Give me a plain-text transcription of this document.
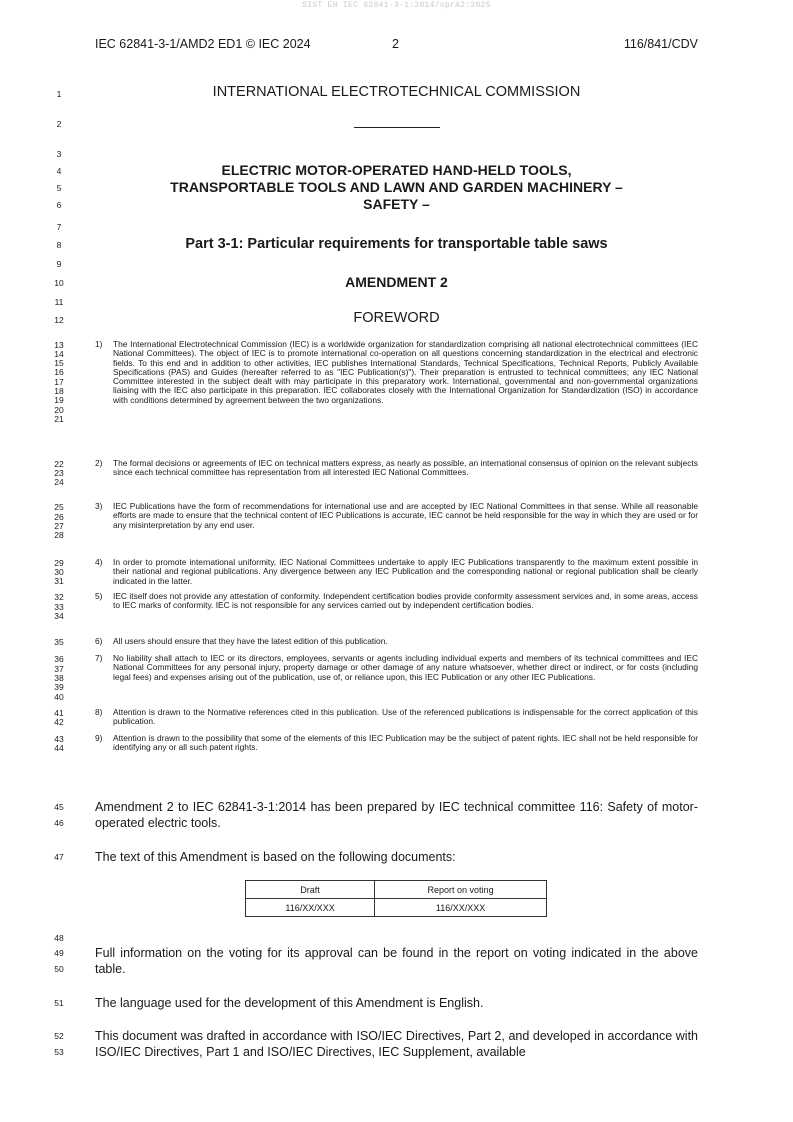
SIST EN IEC 62841-3-1:2014/oprA2:2025
IEC 62841-3-1/AMD2 ED1 © IEC 2024	2	116/841/CDV
1
2
3
4
5
6
7
8
9
10
11
12
13
14
15
16
17
18
19
20
21
22
23
24
25
26
27
28
29
30
31
32
33
34
35
36
37
38
39
40
41
42
43
44
45
46
47
48
49
50
51
52
53
INTERNATIONAL ELECTROTECHNICAL COMMISSION
ELECTRIC MOTOR-OPERATED HAND-HELD TOOLS,
TRANSPORTABLE TOOLS AND LAWN AND GARDEN MACHINERY –
SAFETY –
Part 3-1: Particular requirements for transportable table saws
AMENDMENT 2
FOREWORD
1)	The International Electrotechnical Commission (IEC) is a worldwide organization for standardization comprising all national electrotechnical committees (IEC National Committees). The object of IEC is to promote international co-operation on all questions concerning standardization in the electrical and electronic fields. To this end and in addition to other activities, IEC publishes International Standards, Technical Specifications, Technical Reports, Publicly Available Specifications (PAS) and Guides (hereafter referred to as "IEC Publication(s)"). Their preparation is entrusted to technical committees; any IEC National Committee interested in the subject dealt with may participate in this preparatory work. International, governmental and non-governmental organizations liaising with the IEC also participate in this preparation. IEC collaborates closely with the International Organization for Standardization (ISO) in accordance with conditions determined by agreement between the two organizations.
2)	The formal decisions or agreements of IEC on technical matters express, as nearly as possible, an international consensus of opinion on the relevant subjects since each technical committee has representation from all interested IEC National Committees.
3)	IEC Publications have the form of recommendations for international use and are accepted by IEC National Committees in that sense. While all reasonable efforts are made to ensure that the technical content of IEC Publications is accurate, IEC cannot be held responsible for the way in which they are used or for any misinterpretation by any end user.
4)	In order to promote international uniformity, IEC National Committees undertake to apply IEC Publications transparently to the maximum extent possible in their national and regional publications. Any divergence between any IEC Publication and the corresponding national or regional publication shall be clearly indicated in the latter.
5)	IEC itself does not provide any attestation of conformity. Independent certification bodies provide conformity assessment services and, in some areas, access to IEC marks of conformity. IEC is not responsible for any services carried out by independent certification bodies.
6)	All users should ensure that they have the latest edition of this publication.
7)	No liability shall attach to IEC or its directors, employees, servants or agents including individual experts and members of its technical committees and IEC National Committees for any personal injury, property damage or other damage of any nature whatsoever, whether direct or indirect, or for costs (including legal fees) and expenses arising out of the publication, use of, or reliance upon, this IEC Publication or any other IEC Publications.
8)	Attention is drawn to the Normative references cited in this publication. Use of the referenced publications is indispensable for the correct application of this publication.
9)	Attention is drawn to the possibility that some of the elements of this IEC Publication may be the subject of patent rights. IEC shall not be held responsible for identifying any or all such patent rights.
Amendment 2 to IEC 62841-3-1:2014 has been prepared by IEC technical committee 116: Safety of motor-operated electric tools.
The text of this Amendment is based on the following documents:
Draft	Report on voting
116/XX/XXX	116/XX/XXX
Full information on the voting for its approval can be found in the report on voting indicated in the above table.
The language used for the development of this Amendment is English.
This document was drafted in accordance with ISO/IEC Directives, Part 2, and developed in accordance with ISO/IEC Directives, Part 1 and ISO/IEC Directives, IEC Supplement, available
